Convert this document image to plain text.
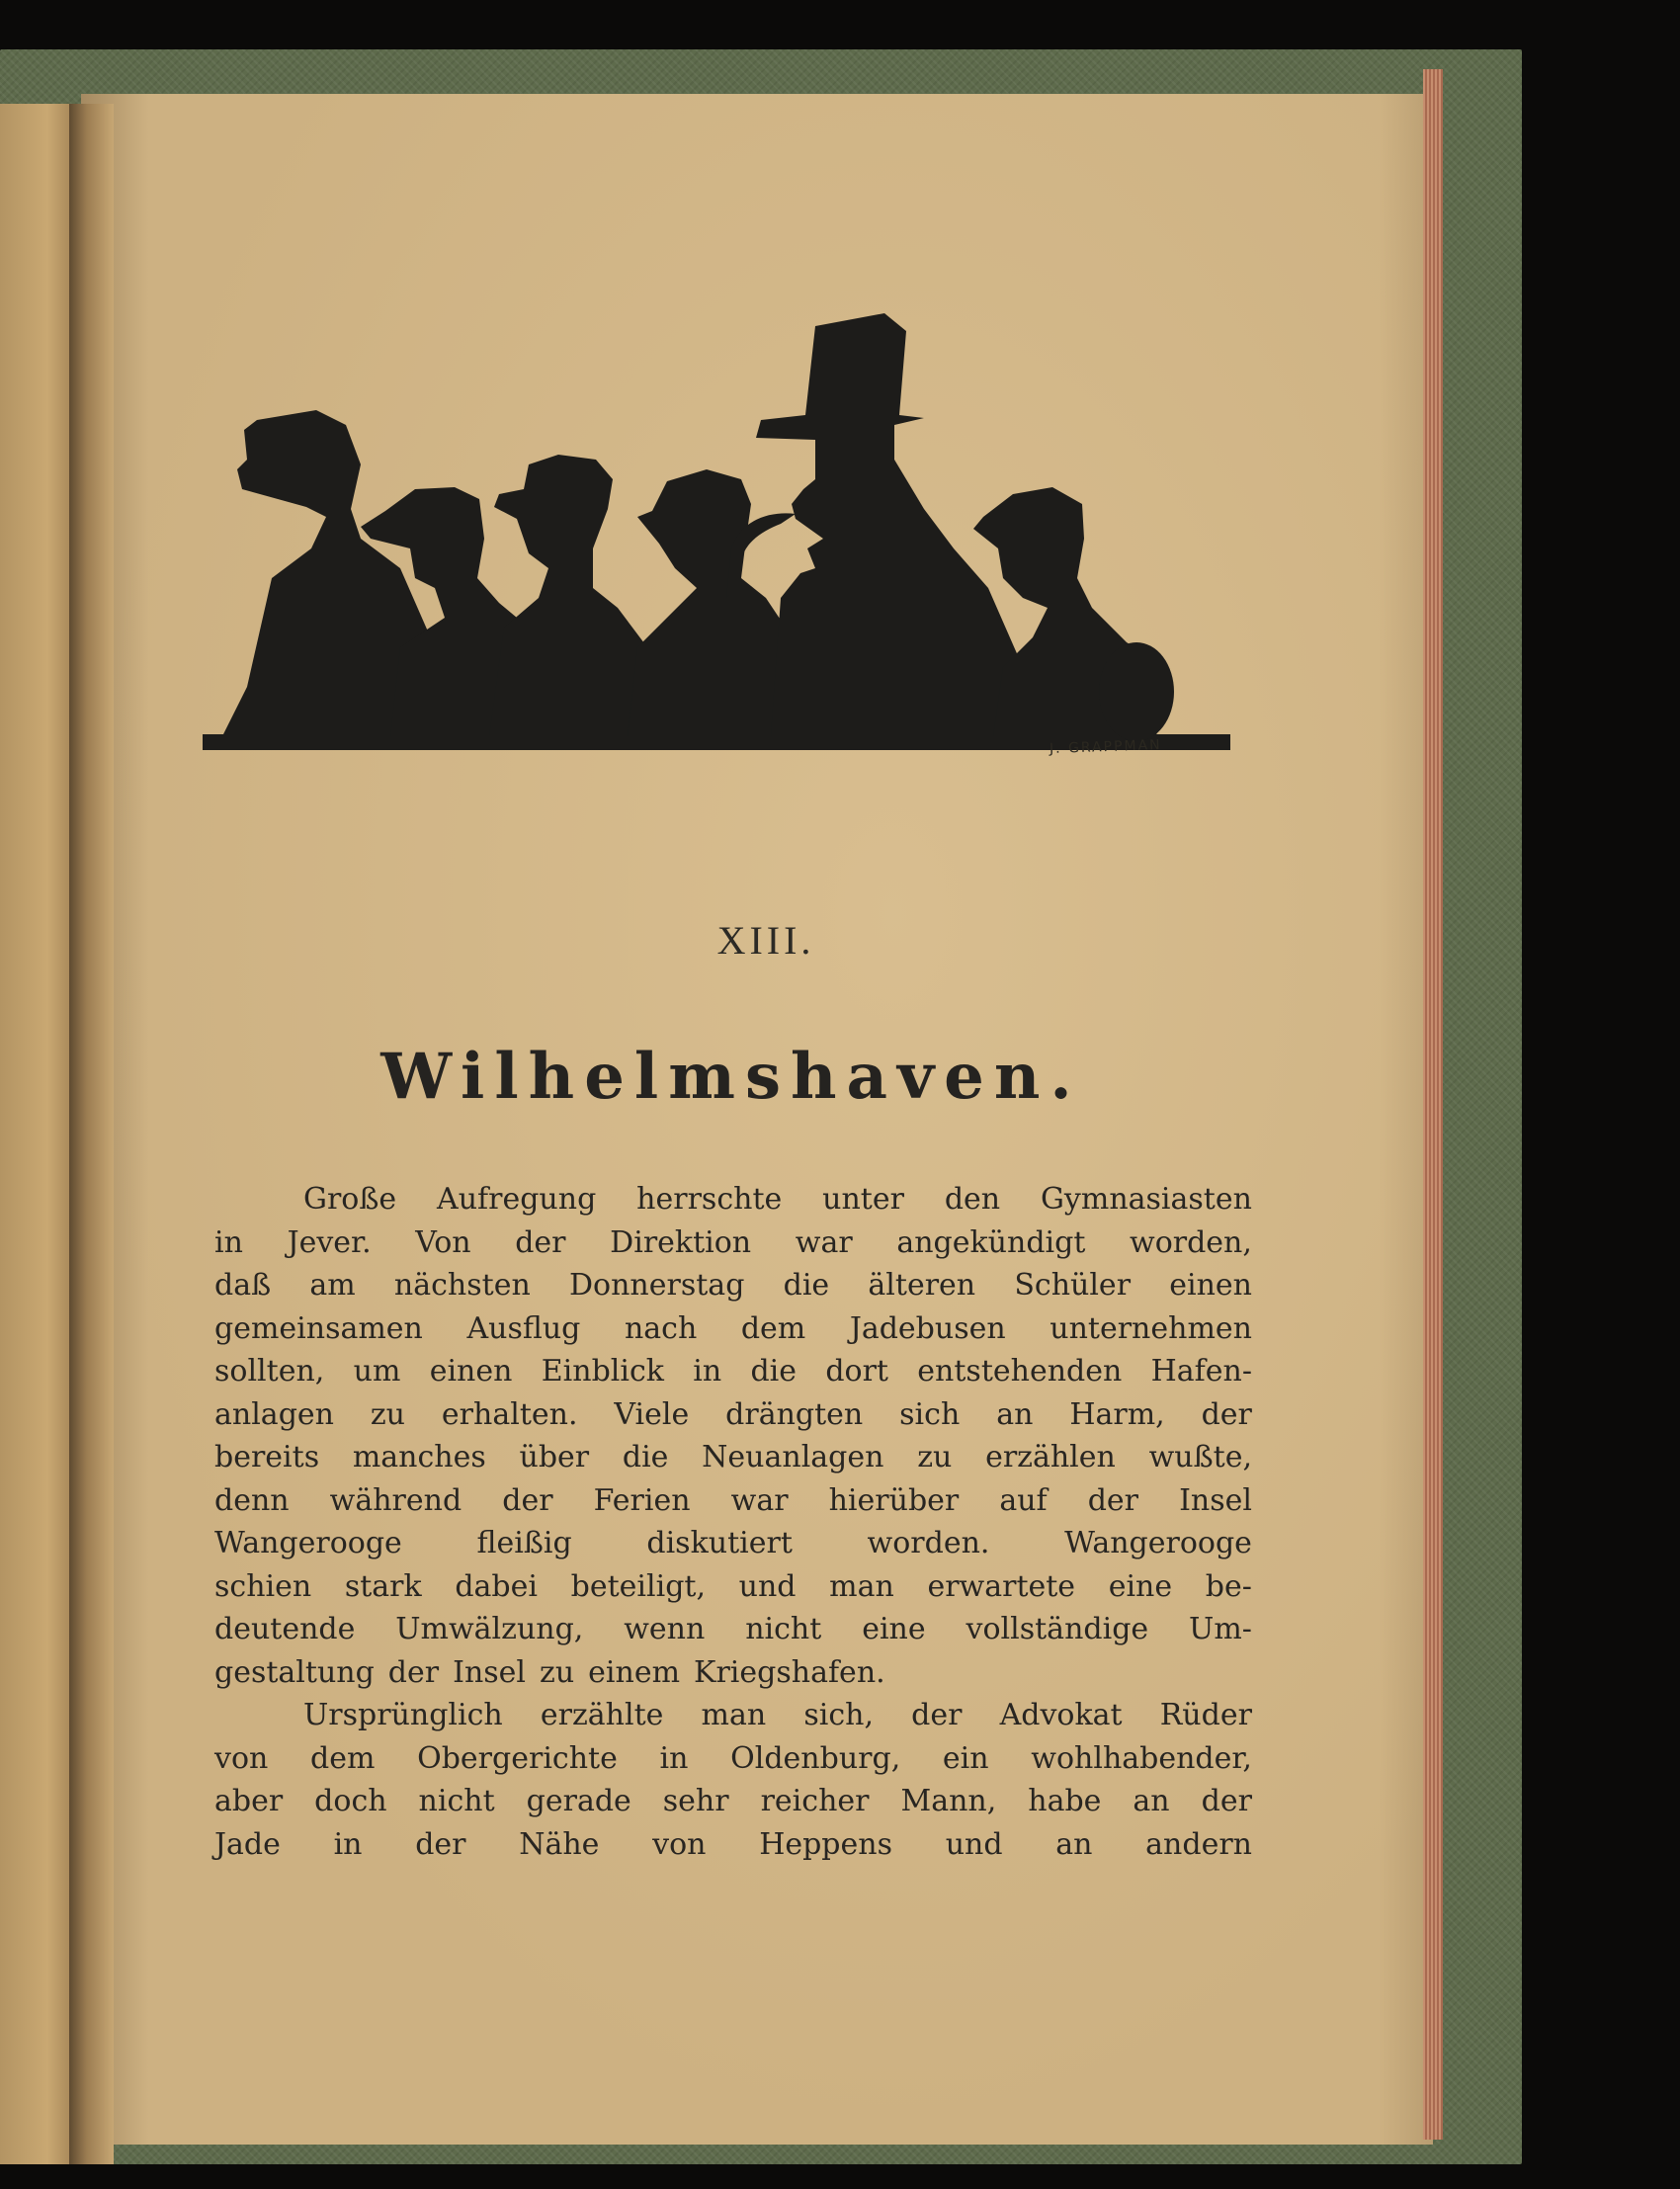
J. GRAPPMAN
XIII.
Wilhelmshaven.
Große Aufregung herrschte unter den Gymnasiasten
in Jever. Von der Direktion war angekündigt worden,
daß am nächsten Donnerstag die älteren Schüler einen
gemeinsamen Ausflug nach dem Jadebusen unternehmen
sollten, um einen Einblick in die dort entstehenden Hafen-
anlagen zu erhalten. Viele drängten sich an Harm, der
bereits manches über die Neuanlagen zu erzählen wußte,
denn während der Ferien war hierüber auf der Insel
Wangerooge	fleißig	diskutiert	worden.	Wangerooge
schien stark dabei beteiligt, und man erwartete eine be-
deutende Umwälzung, wenn nicht eine vollständige Um-
gestaltung der Insel zu einem Kriegshafen.
Ursprünglich erzählte man sich, der Advokat Rüder
von dem Obergerichte in Oldenburg, ein wohlhabender,
aber doch nicht gerade sehr reicher Mann, habe an der
Jade in der Nähe von Heppens und an andern
